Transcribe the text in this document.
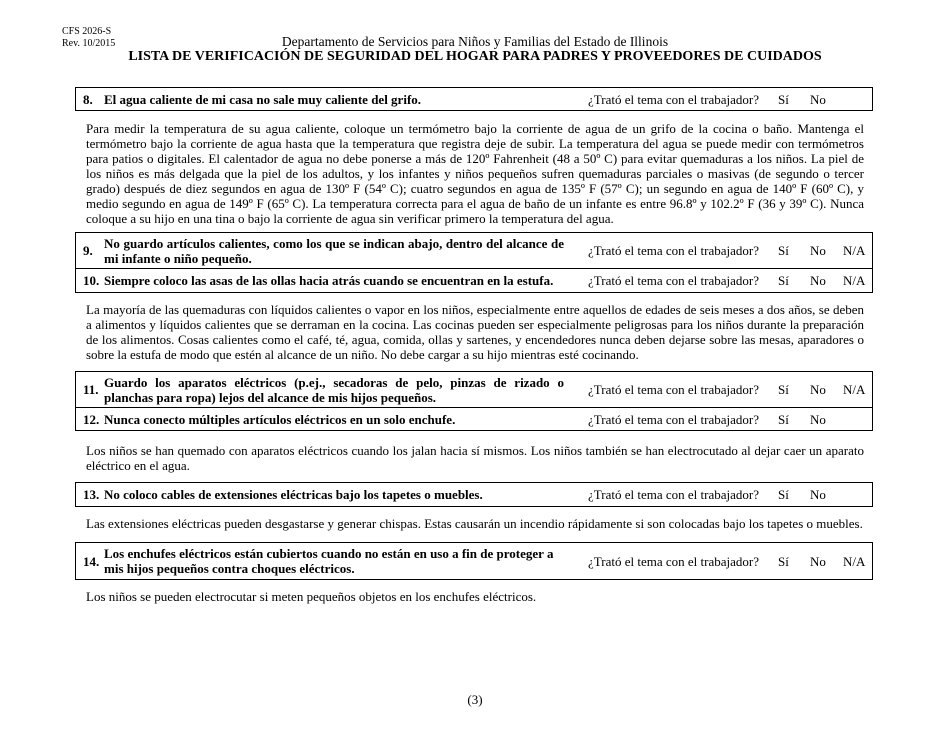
CFS 2026-S
Rev. 10/2015	Departamento de Servicios para Niños y Familias del Estado de Illinois
LISTA DE VERIFICACIÓN DE SEGURIDAD DEL HOGAR PARA PADRES Y PROVEEDORES DE CUIDADOS
8. El agua caliente de mi casa no sale muy caliente del grifo.	¿Trató el tema con el trabajador? Sí No
Para medir la temperatura de su agua caliente, coloque un termómetro bajo la corriente de agua de un grifo de la cocina o baño. Mantenga el termómetro bajo la corriente de agua hasta que la temperatura que registra deje de subir. La temperatura del agua se puede medir con termómetros para patios o digitales. El calentador de agua no debe ponerse a más de 120º Fahrenheit (48 a 50º C) para evitar quemaduras a los niños. La piel de los niños es más delgada que la piel de los adultos, y los infantes y niños pequeños sufren quemaduras parciales o masivas (de segundo o tercer grado) después de diez segundos en agua de 130º F (54º C); cuatro segundos en agua de 135º F (57º C); un segundo en agua de 140º F (60º C), y medio segundo en agua de 149º F (65º C). La temperatura correcta para el agua de baño de un infante es entre 96.8º y 102.2º F (36 y 39º C). Nunca coloque a su hijo en una tina o bajo la corriente de agua sin verificar primero la temperatura del agua.
9. No guardo artículos calientes, como los que se indican abajo, dentro del alcance de mi infante o niño pequeño.	¿Trató el tema con el trabajador? Sí No N/A
10. Siempre coloco las asas de las ollas hacia atrás cuando se encuentran en la estufa.	¿Trató el tema con el trabajador? Sí No N/A
La mayoría de las quemaduras con líquidos calientes o vapor en los niños, especialmente entre aquellos de edades de seis meses a dos años, se deben a alimentos y líquidos calientes que se derraman en la cocina. Las cocinas pueden ser especialmente peligrosas para los niños durante la preparación de los alimentos. Cosas calientes como el café, té, agua, comida, ollas y sartenes, y encendedores nunca deben dejarse sobre las mesas, aparadores o sobre la estufa de modo que estén al alcance de un niño. No debe cargar a su hijo mientras esté cocinando.
11. Guardo los aparatos eléctricos (p.ej., secadoras de pelo, pinzas de rizado o planchas para ropa) lejos del alcance de mis hijos pequeños.	¿Trató el tema con el trabajador? Sí No N/A
12. Nunca conecto múltiples artículos eléctricos en un solo enchufe.	¿Trató el tema con el trabajador? Sí No
Los niños se han quemado con aparatos eléctricos cuando los jalan hacia sí mismos. Los niños también se han electrocutado al dejar caer un aparato eléctrico en el agua.
13. No coloco cables de extensiones eléctricas bajo los tapetes o muebles.	¿Trató el tema con el trabajador? Sí No
Las extensiones eléctricas pueden desgastarse y generar chispas. Estas causarán un incendio rápidamente si son colocadas bajo los tapetes o muebles.
14. Los enchufes eléctricos están cubiertos cuando no están en uso a fin de proteger a mis hijos pequeños contra choques eléctricos.	¿Trató el tema con el trabajador? Sí No N/A
Los niños se pueden electrocutar si meten pequeños objetos en los enchufes eléctricos.
(3)
